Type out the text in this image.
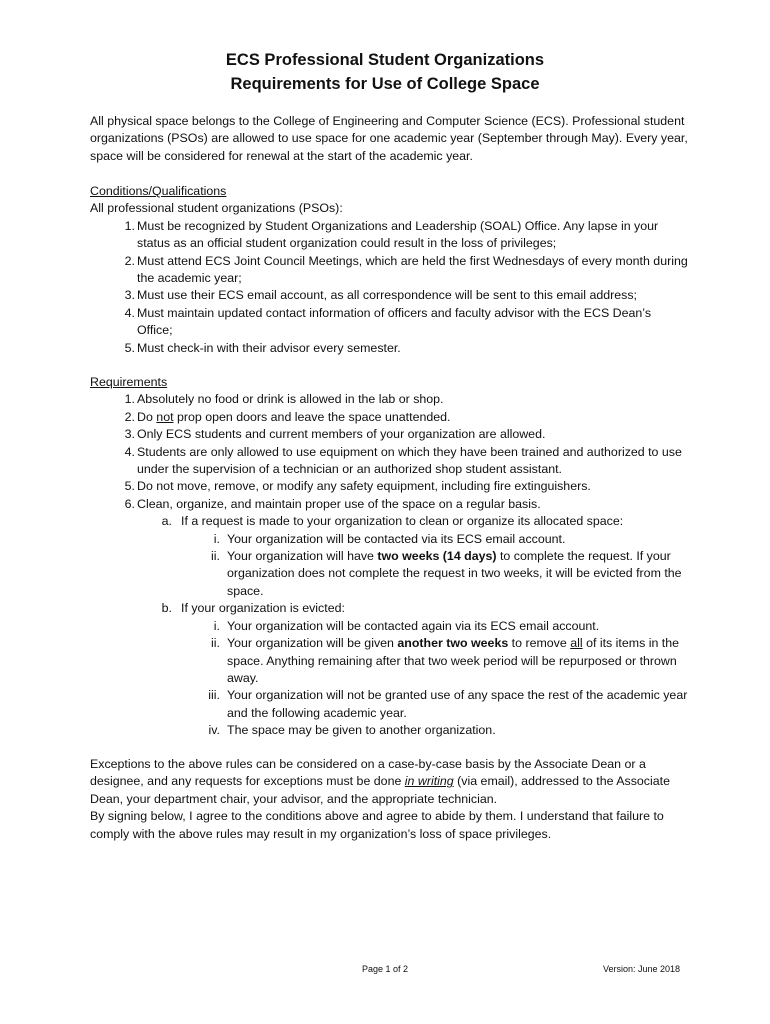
ECS Professional Student Organizations
Requirements for Use of College Space
All physical space belongs to the College of Engineering and Computer Science (ECS). Professional student organizations (PSOs) are allowed to use space for one academic year (September through May). Every year, space will be considered for renewal at the start of the academic year.
Conditions/Qualifications
All professional student organizations (PSOs):
1. Must be recognized by Student Organizations and Leadership (SOAL) Office. Any lapse in your status as an official student organization could result in the loss of privileges;
2. Must attend ECS Joint Council Meetings, which are held the first Wednesdays of every month during the academic year;
3. Must use their ECS email account, as all correspondence will be sent to this email address;
4. Must maintain updated contact information of officers and faculty advisor with the ECS Dean’s Office;
5. Must check-in with their advisor every semester.
Requirements
1. Absolutely no food or drink is allowed in the lab or shop.
2. Do not prop open doors and leave the space unattended.
3. Only ECS students and current members of your organization are allowed.
4. Students are only allowed to use equipment on which they have been trained and authorized to use under the supervision of a technician or an authorized shop student assistant.
5. Do not move, remove, or modify any safety equipment, including fire extinguishers.
6. Clean, organize, and maintain proper use of the space on a regular basis.
a. If a request is made to your organization to clean or organize its allocated space:
i. Your organization will be contacted via its ECS email account.
ii. Your organization will have two weeks (14 days) to complete the request. If your organization does not complete the request in two weeks, it will be evicted from the space.
b. If your organization is evicted:
i. Your organization will be contacted again via its ECS email account.
ii. Your organization will be given another two weeks to remove all of its items in the space. Anything remaining after that two week period will be repurposed or thrown away.
iii. Your organization will not be granted use of any space the rest of the academic year and the following academic year.
iv. The space may be given to another organization.
Exceptions to the above rules can be considered on a case-by-case basis by the Associate Dean or a designee, and any requests for exceptions must be done in writing (via email), addressed to the Associate Dean, your department chair, your advisor, and the appropriate technician.
By signing below, I agree to the conditions above and agree to abide by them. I understand that failure to comply with the above rules may result in my organization’s loss of space privileges.
Page 1 of 2	Version: June 2018
